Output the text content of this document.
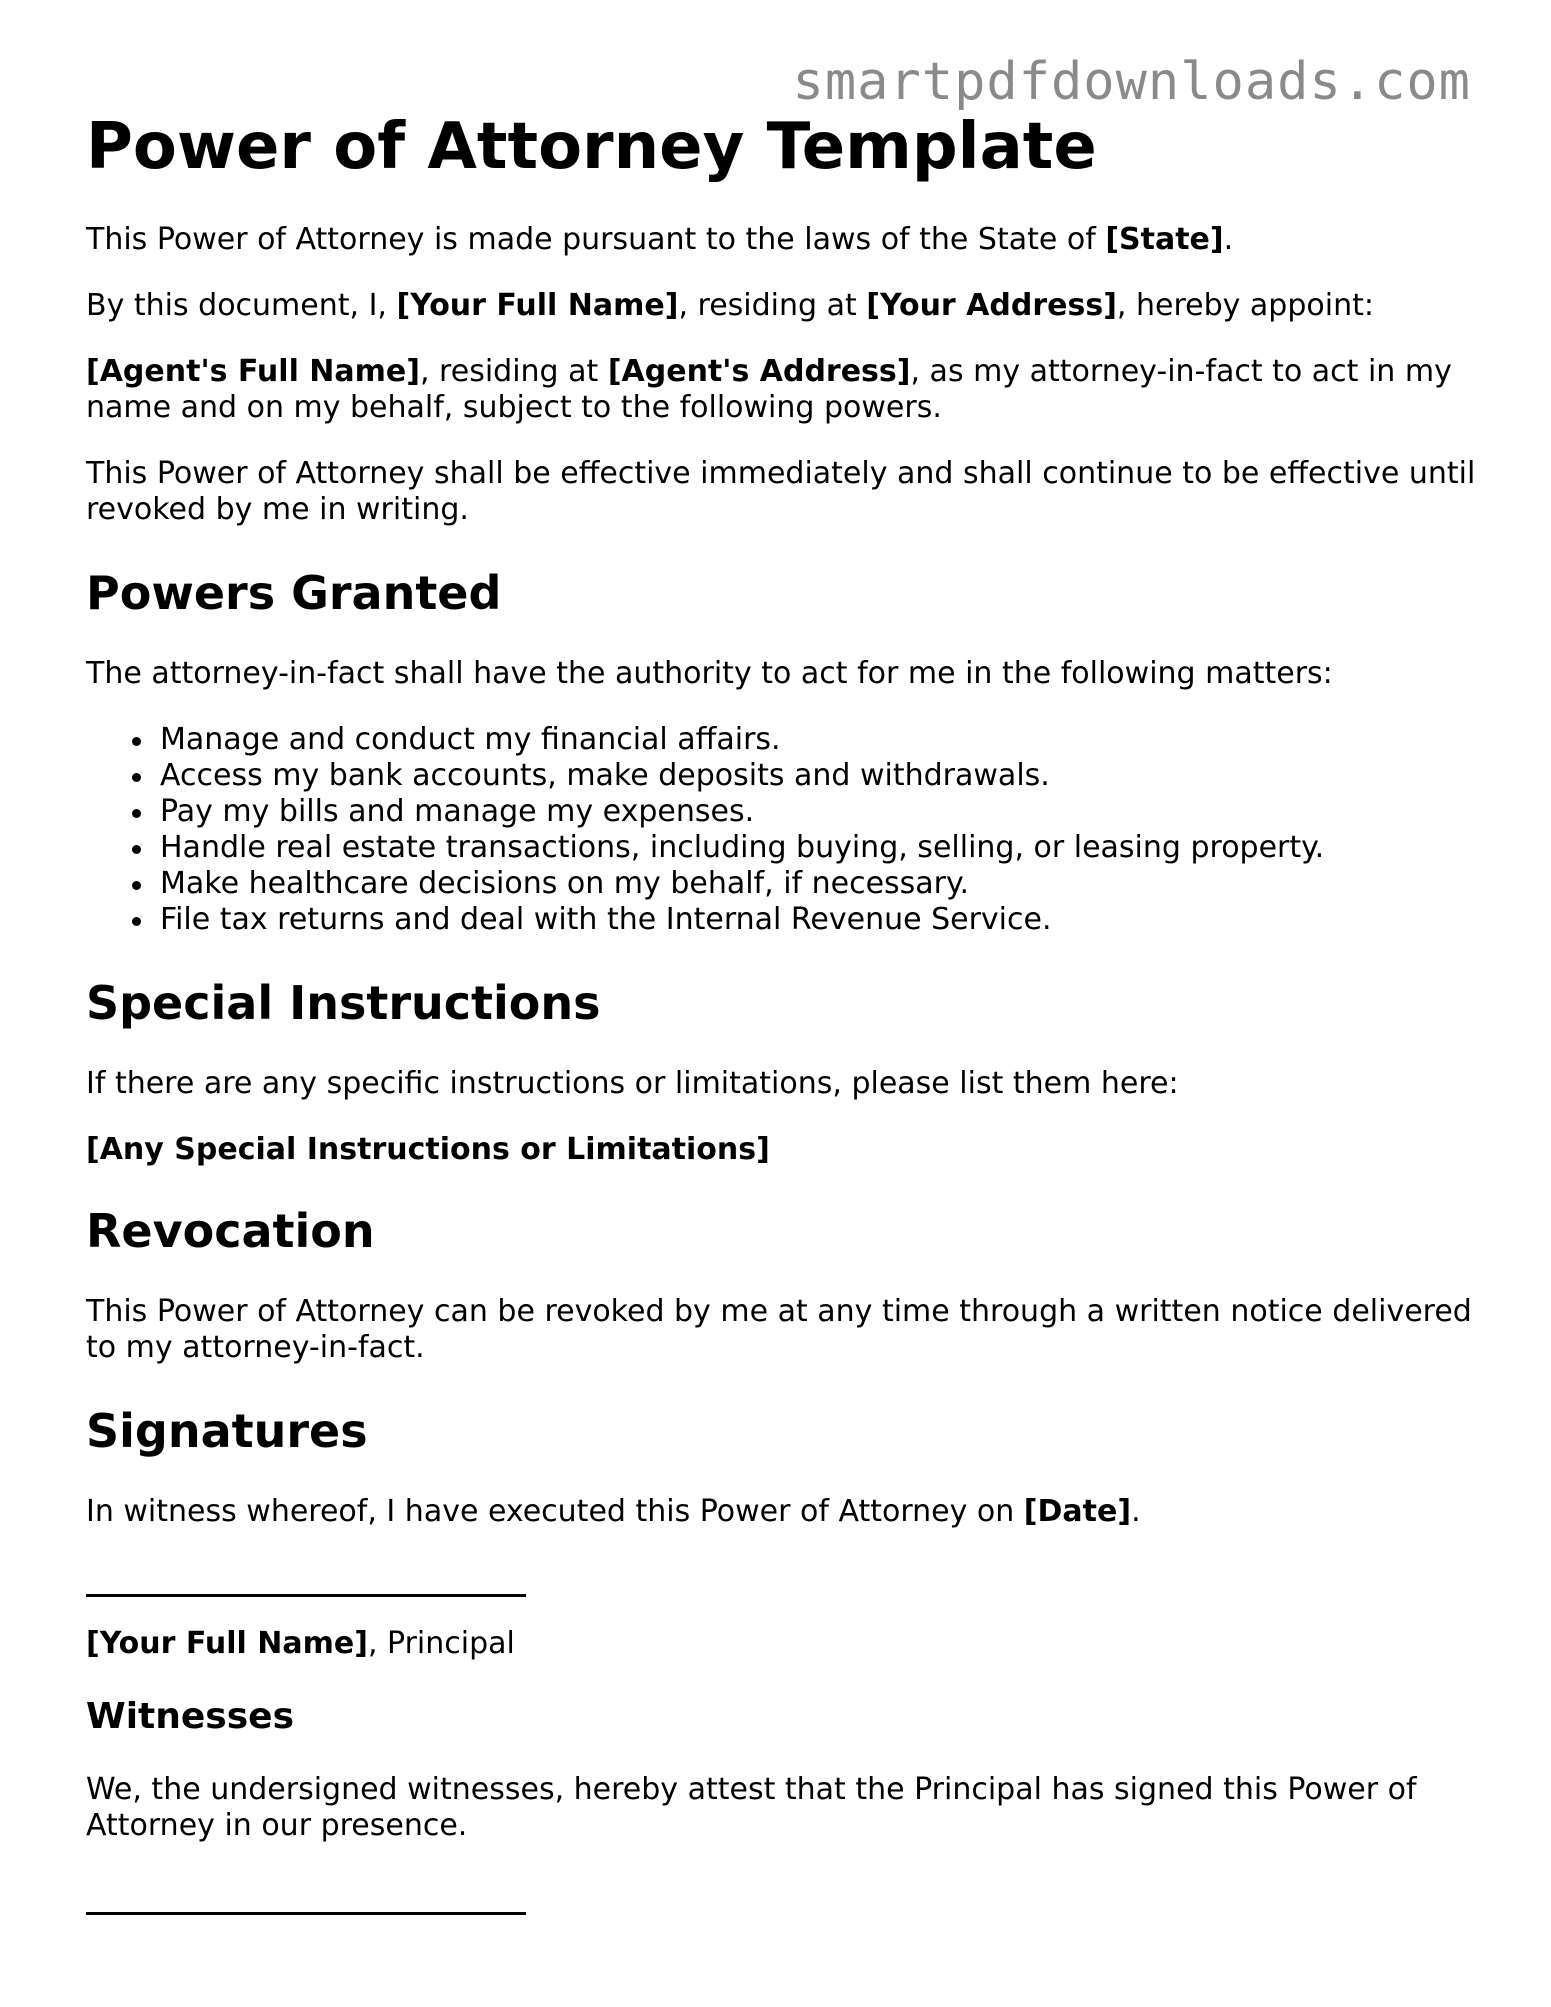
smartpdfdownloads.com
Power of Attorney Template

This Power of Attorney is made pursuant to the laws of the State of [State].

By this document, I, [Your Full Name], residing at [Your Address], hereby appoint:

[Agent's Full Name], residing at [Agent's Address], as my attorney-in-fact to act in my name and on my behalf, subject to the following powers.

This Power of Attorney shall be effective immediately and shall continue to be effective until revoked by me in writing.

Powers Granted

The attorney-in-fact shall have the authority to act for me in the following matters:

Manage and conduct my financial affairs.
Access my bank accounts, make deposits and withdrawals.
Pay my bills and manage my expenses.
Handle real estate transactions, including buying, selling, or leasing property.
Make healthcare decisions on my behalf, if necessary.
File tax returns and deal with the Internal Revenue Service.
Special Instructions

If there are any specific instructions or limitations, please list them here:

[Any Special Instructions or Limitations]

Revocation

This Power of Attorney can be revoked by me at any time through a written notice delivered to my attorney-in-fact.

Signatures

In witness whereof, I have executed this Power of Attorney on [Date].

[Your Full Name], Principal

Witnesses

We, the undersigned witnesses, hereby attest that the Principal has signed this Power of Attorney in our presence.
